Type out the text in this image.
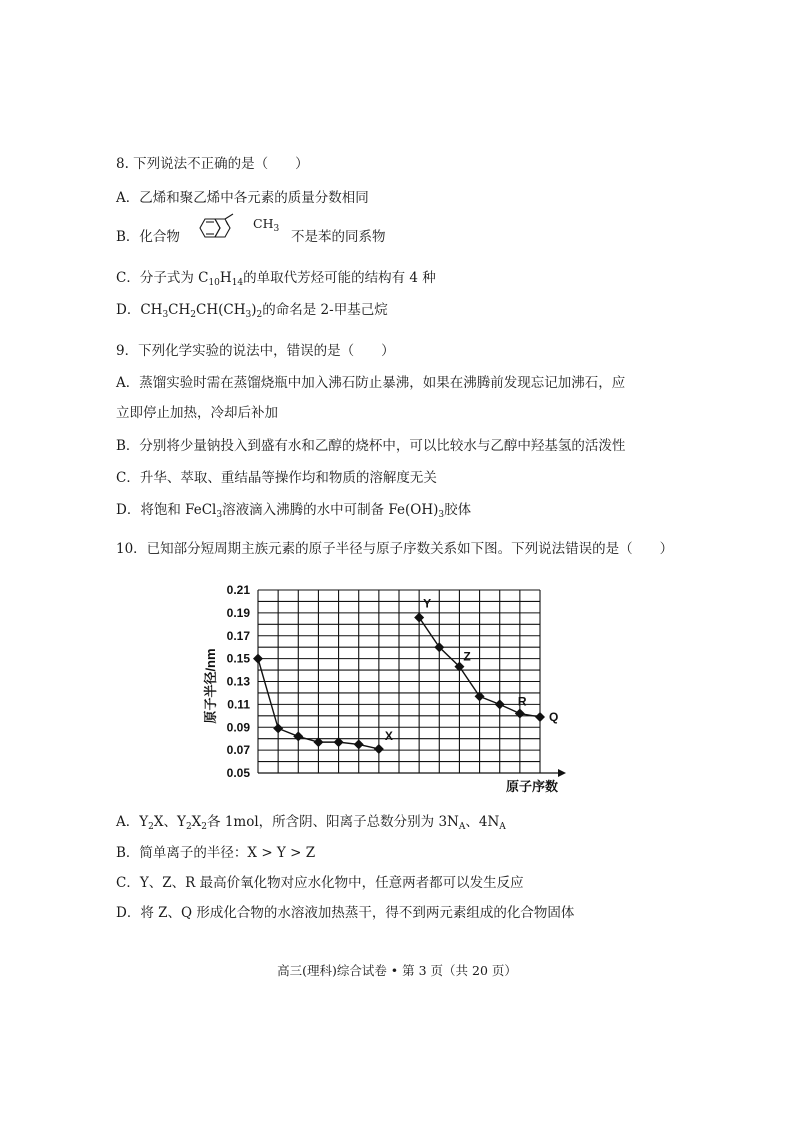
8. 下列说法不正确的是（　　）
A．乙烯和聚乙烯中各元素的质量分数相同
B．化合物
$CH_3$ 不是苯的同系物
C．分子式为 $C_{10}H_{14}$的单取代芳烃可能的结构有 4 种
D．$CH_3CH_2CH(CH_3)_2$的命名是 2-甲基己烷
9．下列化学实验的说法中，错误的是（　　）
A．蒸馏实验时需在蒸馏烧瓶中加入沸石防止暴沸，如果在沸腾前发现忘记加沸石，应
立即停止加热，冷却后补加
B．分别将少量钠投入到盛有水和乙醇的烧杯中，可以比较水与乙醇中羟基氢的活泼性
C．升华、萃取、重结晶等操作均和物质的溶解度无关
D．将饱和 FeCl$_3$溶液滴入沸腾的水中可制备 $Fe(OH)_3$胶体
10．已知部分短周期主族元素的原子半径与原子序数关系如下图。下列说法错误的是（　　）
0.21
0.19
0.17
0.15
0.13
0.11
0.09
0.07
0.05
X
Y
Z
R
Q
原子半径/nm
原子序数
A．$Y_2X$、$Y_2X_2$各 1mol，所含阴、阳离子总数分别为 $3N_A$、$4N_A$
B．简单离子的半径：X > Y > Z
C．Y、Z、R 最高价氧化物对应水化物中，任意两者都可以发生反应
D．将 Z、Q 形成化合物的水溶液加热蒸干，得不到两元素组成的化合物固体
高三(理科)综合试卷 • 第 3 页（共 20 页）
